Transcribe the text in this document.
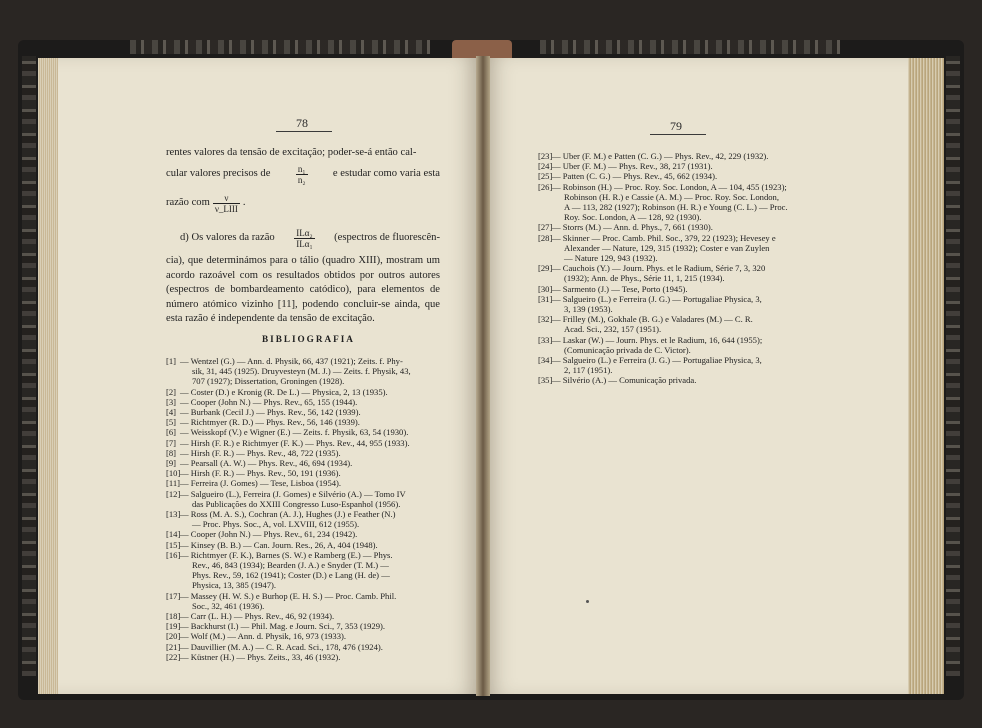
78
rentes valores da tensão de excitação; poder-se-á então cal-
cular valores precisos de	$\frac{\text{n₁}}{\text{n₂}}$ e estudar como varia esta
razão com $\frac{\nu}{\text{ν\_LIII}}$ .
d) Os valores da razão $\frac{\text{ILα₂}}{\text{ILα₁}}$ (espectros de fluorescên-
cia), que determinámos para o tálio (quadro XIII), mostram um acordo razoável com os resultados obtidos por outros autores (espectros de bombardeamento catódico), para elementos de número atómico vizinho [11], podendo concluir-se ainda, que esta razão é independente da tensão de excitação.
BIBLIOGRAFIA
[1] — Wentzel (G.) — Ann. d. Physik, 66, 437 (1921); Zeits. f. Phy-
sik, 31, 445 (1925). Druyvesteyn (M. J.) — Zeits. f. Physik, 43,
707 (1927); Dissertation, Groningen (1928).
[2] — Coster (D.) e Kronig (R. De L.) — Physica, 2, 13 (1935).
[3] — Cooper (John N.) — Phys. Rev., 65, 155 (1944).
[4] — Burbank (Cecil J.) — Phys. Rev., 56, 142 (1939).
[5] — Richtmyer (R. D.) — Phys. Rev., 56, 146 (1939).
[6] — Weisskopf (V.) e Wigner (E.) — Zeits. f. Physik, 63, 54 (1930).
[7] — Hirsh (F. R.) e Richtmyer (F. K.) — Phys. Rev., 44, 955 (1933).
[8] — Hirsh (F. R.) — Phys. Rev., 48, 722 (1935).
[9] — Pearsall (A. W.) — Phys. Rev., 46, 694 (1934).
[10] — Hirsh (F. R.) — Phys. Rev., 50, 191 (1936).
[11] — Ferreira (J. Gomes) — Tese, Lisboa (1954).
[12] — Salgueiro (L.), Ferreira (J. Gomes) e Silvério (A.) — Tomo IV
das Publicações do XXIII Congresso Luso-Espanhol (1956).
[13] — Ross (M. A. S.), Cochran (A. J.), Hughes (J.) e Feather (N.)
— Proc. Phys. Soc., A, vol. LXVIII, 612 (1955).
[14] — Cooper (John N.) — Phys. Rev., 61, 234 (1942).
[15] — Kinsey (B. B.) — Can. Journ. Res., 26, A, 404 (1948).
[16] — Richtmyer (F. K.), Barnes (S. W.) e Ramberg (E.) — Phys.
Rev., 46, 843 (1934); Bearden (J. A.) e Snyder (T. M.) —
Phys. Rev., 59, 162 (1941); Coster (D.) e Lang (H. de) —
Physica, 13, 385 (1947).
[17] — Massey (H. W. S.) e Burhop (E. H. S.) — Proc. Camb. Phil.
Soc., 32, 461 (1936).
[18] — Carr (L. H.) — Phys. Rev., 46, 92 (1934).
[19] — Backhurst (I.) — Phil. Mag. e Journ. Sci., 7, 353 (1929).
[20] — Wolf (M.) — Ann. d. Physik, 16, 973 (1933).
[21] — Dauvillier (M. A.) — C. R. Acad. Sci., 178, 476 (1924).
[22] — Küstner (H.) — Phys. Zeits., 33, 46 (1932).
79
[23] — Uber (F. M.) e Patten (C. G.) — Phys. Rev., 42, 229 (1932).
[24] — Uber (F. M.) — Phys. Rev., 38, 217 (1931).
[25] — Patten (C. G.) — Phys. Rev., 45, 662 (1934).
[26] — Robinson (H.) — Proc. Roy. Soc. London, A — 104, 455 (1923);
Robinson (H. R.) e Cassie (A. M.) — Proc. Roy. Soc. London,
A — 113, 282 (1927); Robinson (H. R.) e Young (C. L.) — Proc.
Roy. Soc. London, A — 128, 92 (1930).
[27] — Storrs (M.) — Ann. d. Phys., 7, 661 (1930).
[28] — Skinner — Proc. Camb. Phil. Soc., 379, 22 (1923); Hevesey e
Alexander — Nature, 129, 315 (1932); Coster e van Zuylen
— Nature 129, 943 (1932).
[29] — Cauchois (Y.) — Journ. Phys. et le Radium, Série 7, 3, 320
(1932); Ann. de Phys., Série 11, 1, 215 (1934).
[30] — Sarmento (J.) — Tese, Porto (1945).
[31] — Salgueiro (L.) e Ferreira (J. G.) — Portugaliae Physica, 3,
3, 139 (1953).
[32] — Frilley (M.), Gokhale (B. G.) e Valadares (M.) — C. R.
Acad. Sci., 232, 157 (1951).
[33] — Laskar (W.) — Journ. Phys. et le Radium, 16, 644 (1955);
(Comunicação privada de C. Victor).
[34] — Salgueiro (L.) e Ferreira (J. G.) — Portugaliae Physica, 3,
2, 117 (1951).
[35] — Silvério (A.) — Comunicação privada.
